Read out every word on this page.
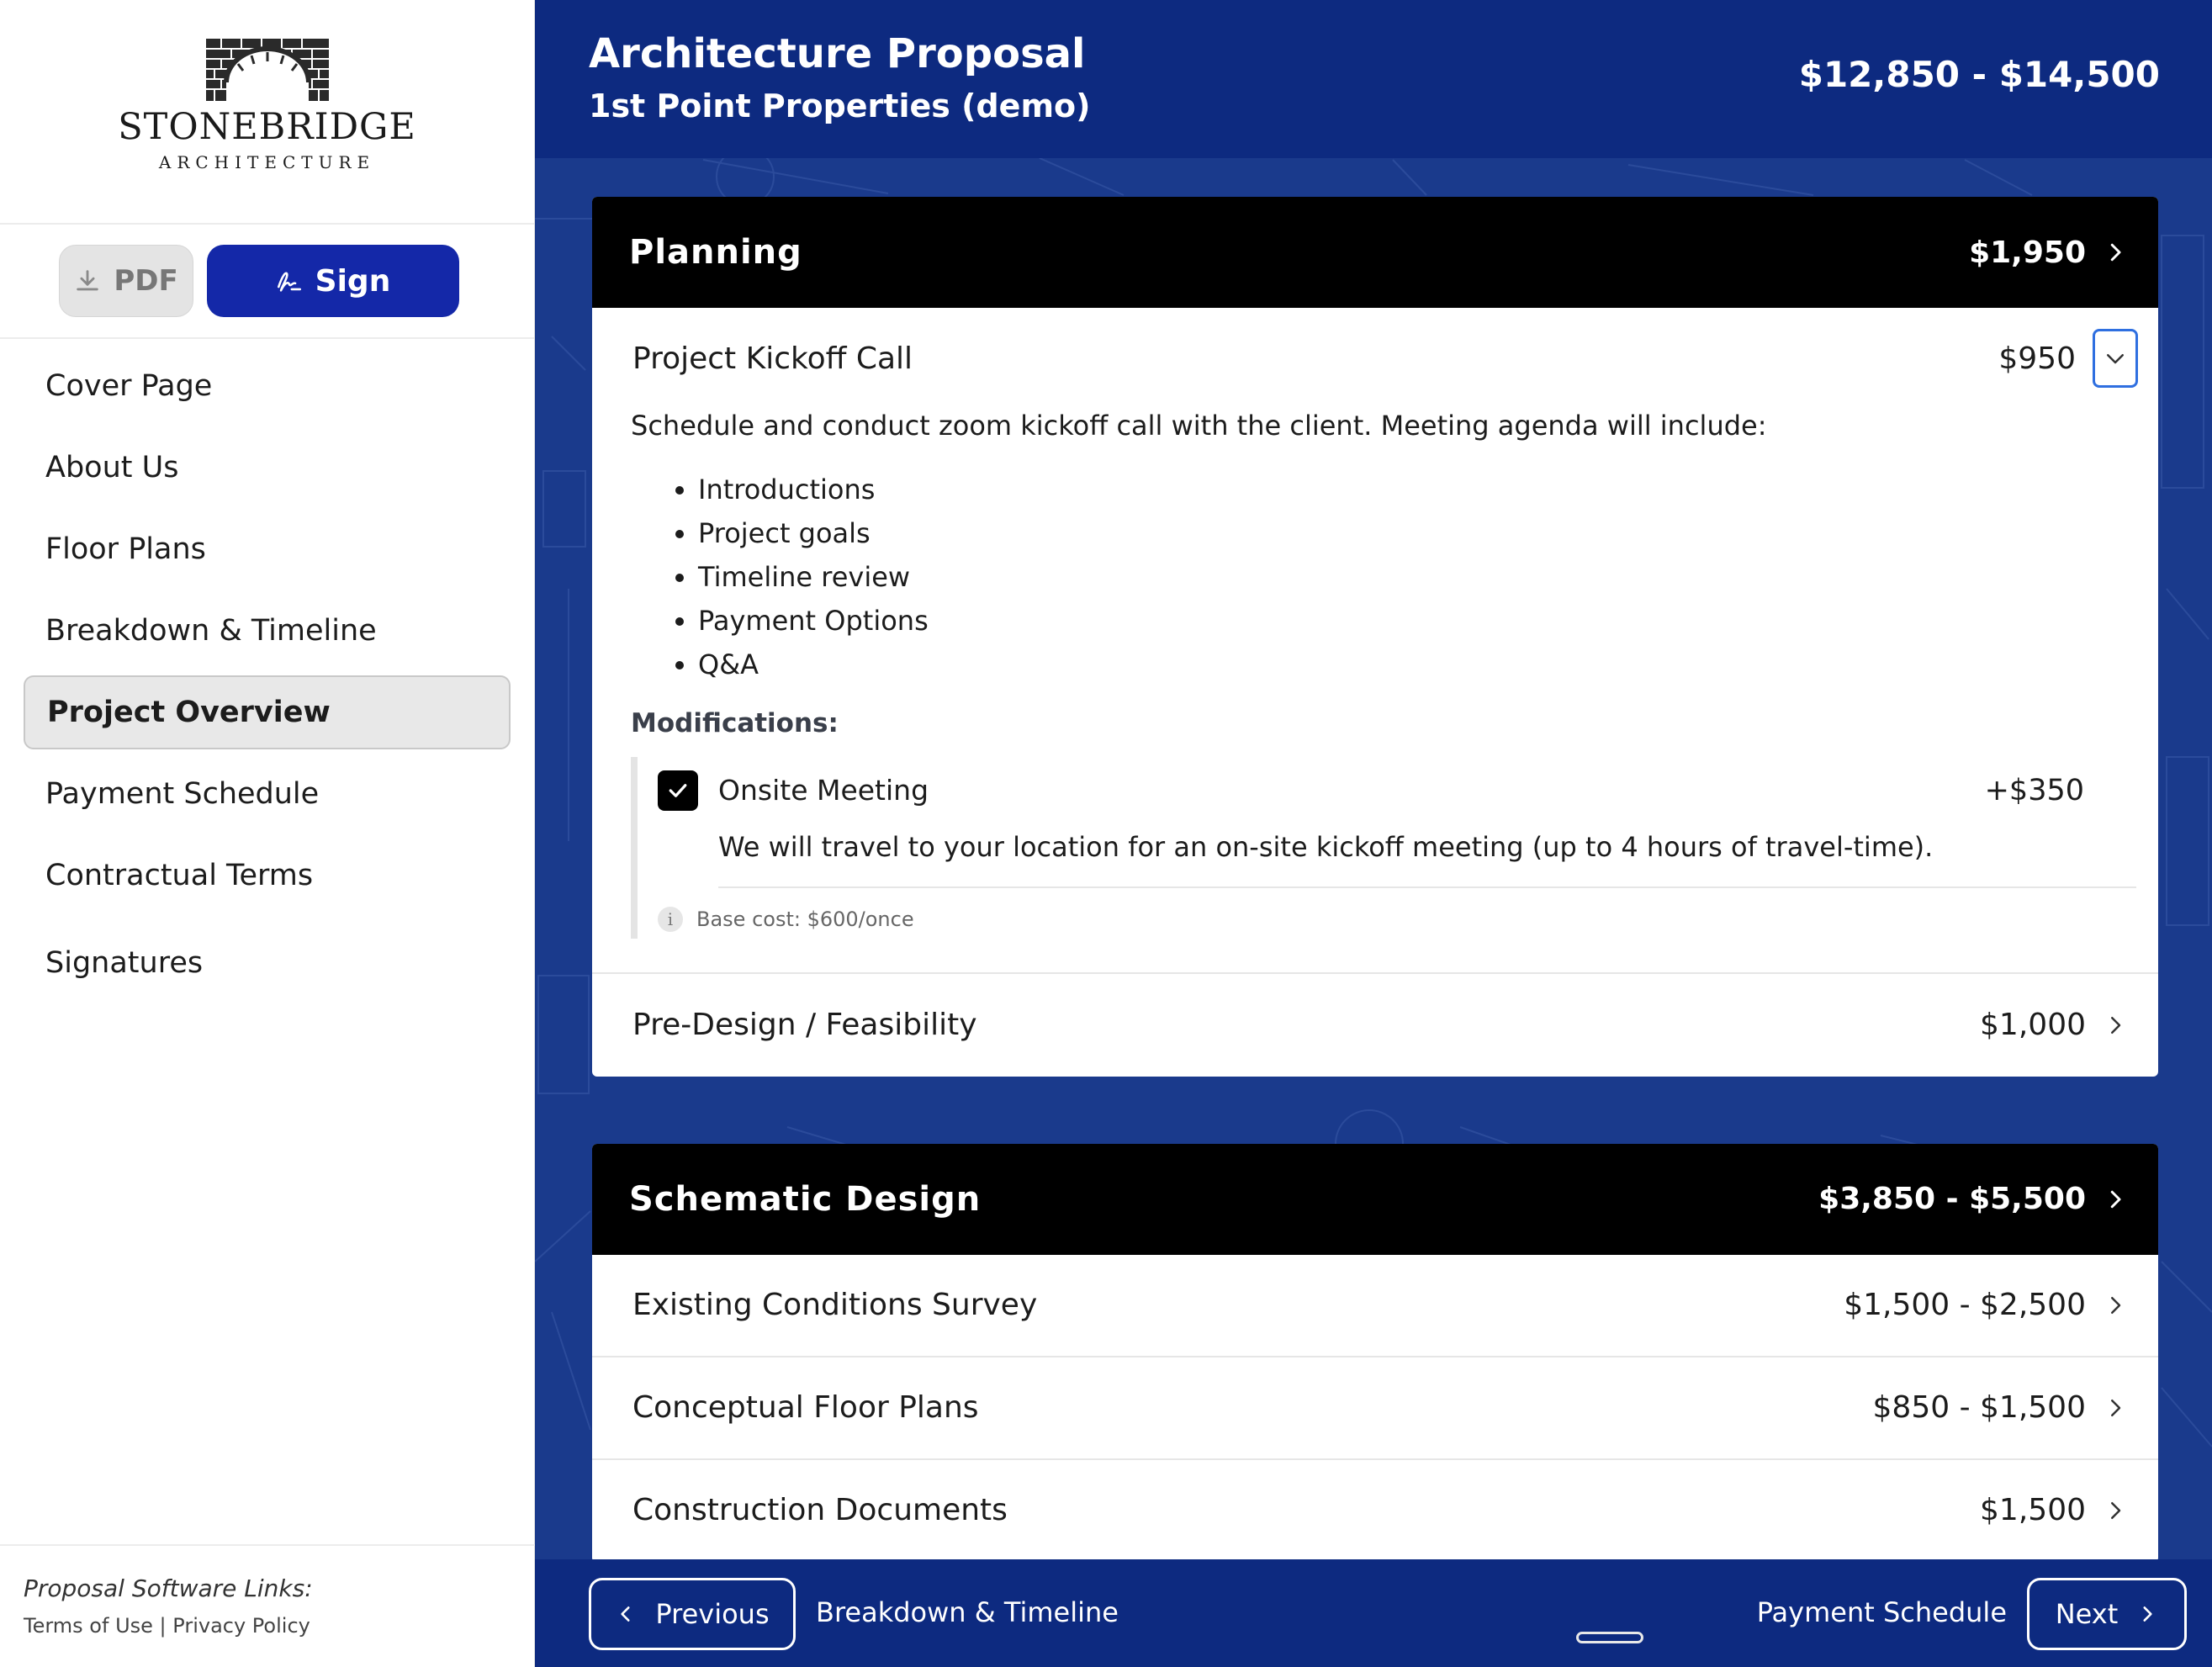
STONEBRIDGE
ARCHITECTURE
PDF	Sign
Cover Page
About Us
Floor Plans
Breakdown & Timeline
Project Overview
Payment Schedule
Contractual Terms
Signatures
Proposal Software Links:
Terms of Use | Privacy Policy
Architecture Proposal
1st Point Properties (demo)
$12,850 - $14,500
Planning	$1,950
Project Kickoff Call	$950

Schedule and conduct zoom kickoff call with the client. Meeting agenda will include:

• Introductions
• Project goals
• Timeline review
• Payment Options
• Q&A
Modifications:
Onsite Meeting	+$350
We will travel to your location for an on-site kickoff meeting (up to 4 hours of travel-time).
i	Base cost: $600/once
Pre-Design / Feasibility	$1,000
Schematic Design	$3,850 - $5,500
Existing Conditions Survey	$1,500 - $2,500
Conceptual Floor Plans	$850 - $1,500
Construction Documents	$1,500
Previous Breakdown & Timeline	Payment Schedule Next
